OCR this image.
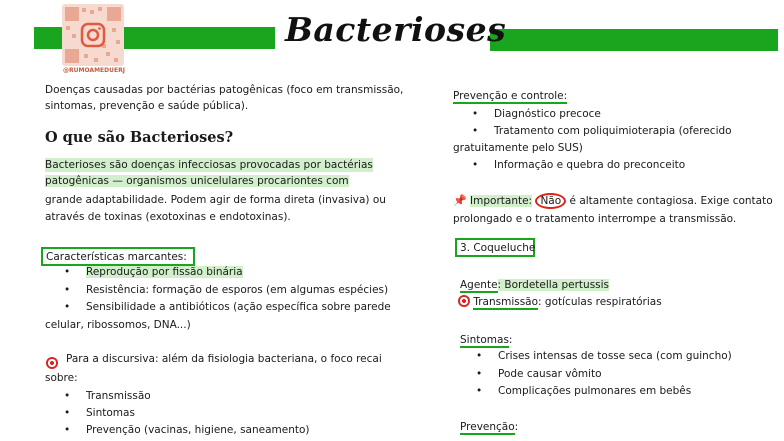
@RUMOAMEDUERJ
Bacterioses
Doenças causadas por bactérias patogênicas (foco em transmissão,
sintomas, prevenção e saúde pública).
O que são Bacterioses?
Bacterioses são doenças infecciosas provocadas por bactérias
patogênicas — organismos unicelulares procariontes com
grande adaptabilidade. Podem agir de forma direta (invasiva) ou
através de toxinas (exotoxinas e endotoxinas).
Características marcantes:
• Reprodução por fissão binária
• Resistência: formação de esporos (em algumas espécies)
• Sensibilidade a antibióticos (ação específica sobre parede
celular, ribossomos, DNA...)
Para a discursiva: além da fisiologia bacteriana, o foco recai
sobre:
• Transmissão
• Sintomas
• Prevenção (vacinas, higiene, saneamento)
Prevenção e controle:
• Diagnóstico precoce
• Tratamento com poliquimioterapia (oferecido
gratuitamente pelo SUS)
• Informação e quebra do preconceito
📌 Importante: Não é altamente contagiosa. Exige contato
prolongado e o tratamento interrompe a transmissão.
3. Coqueluche
Agente: Bordetella pertussis
Transmissão: gotículas respiratórias
Sintomas:
• Crises intensas de tosse seca (com guincho)
• Pode causar vômito
• Complicações pulmonares em bebês
Prevenção:
